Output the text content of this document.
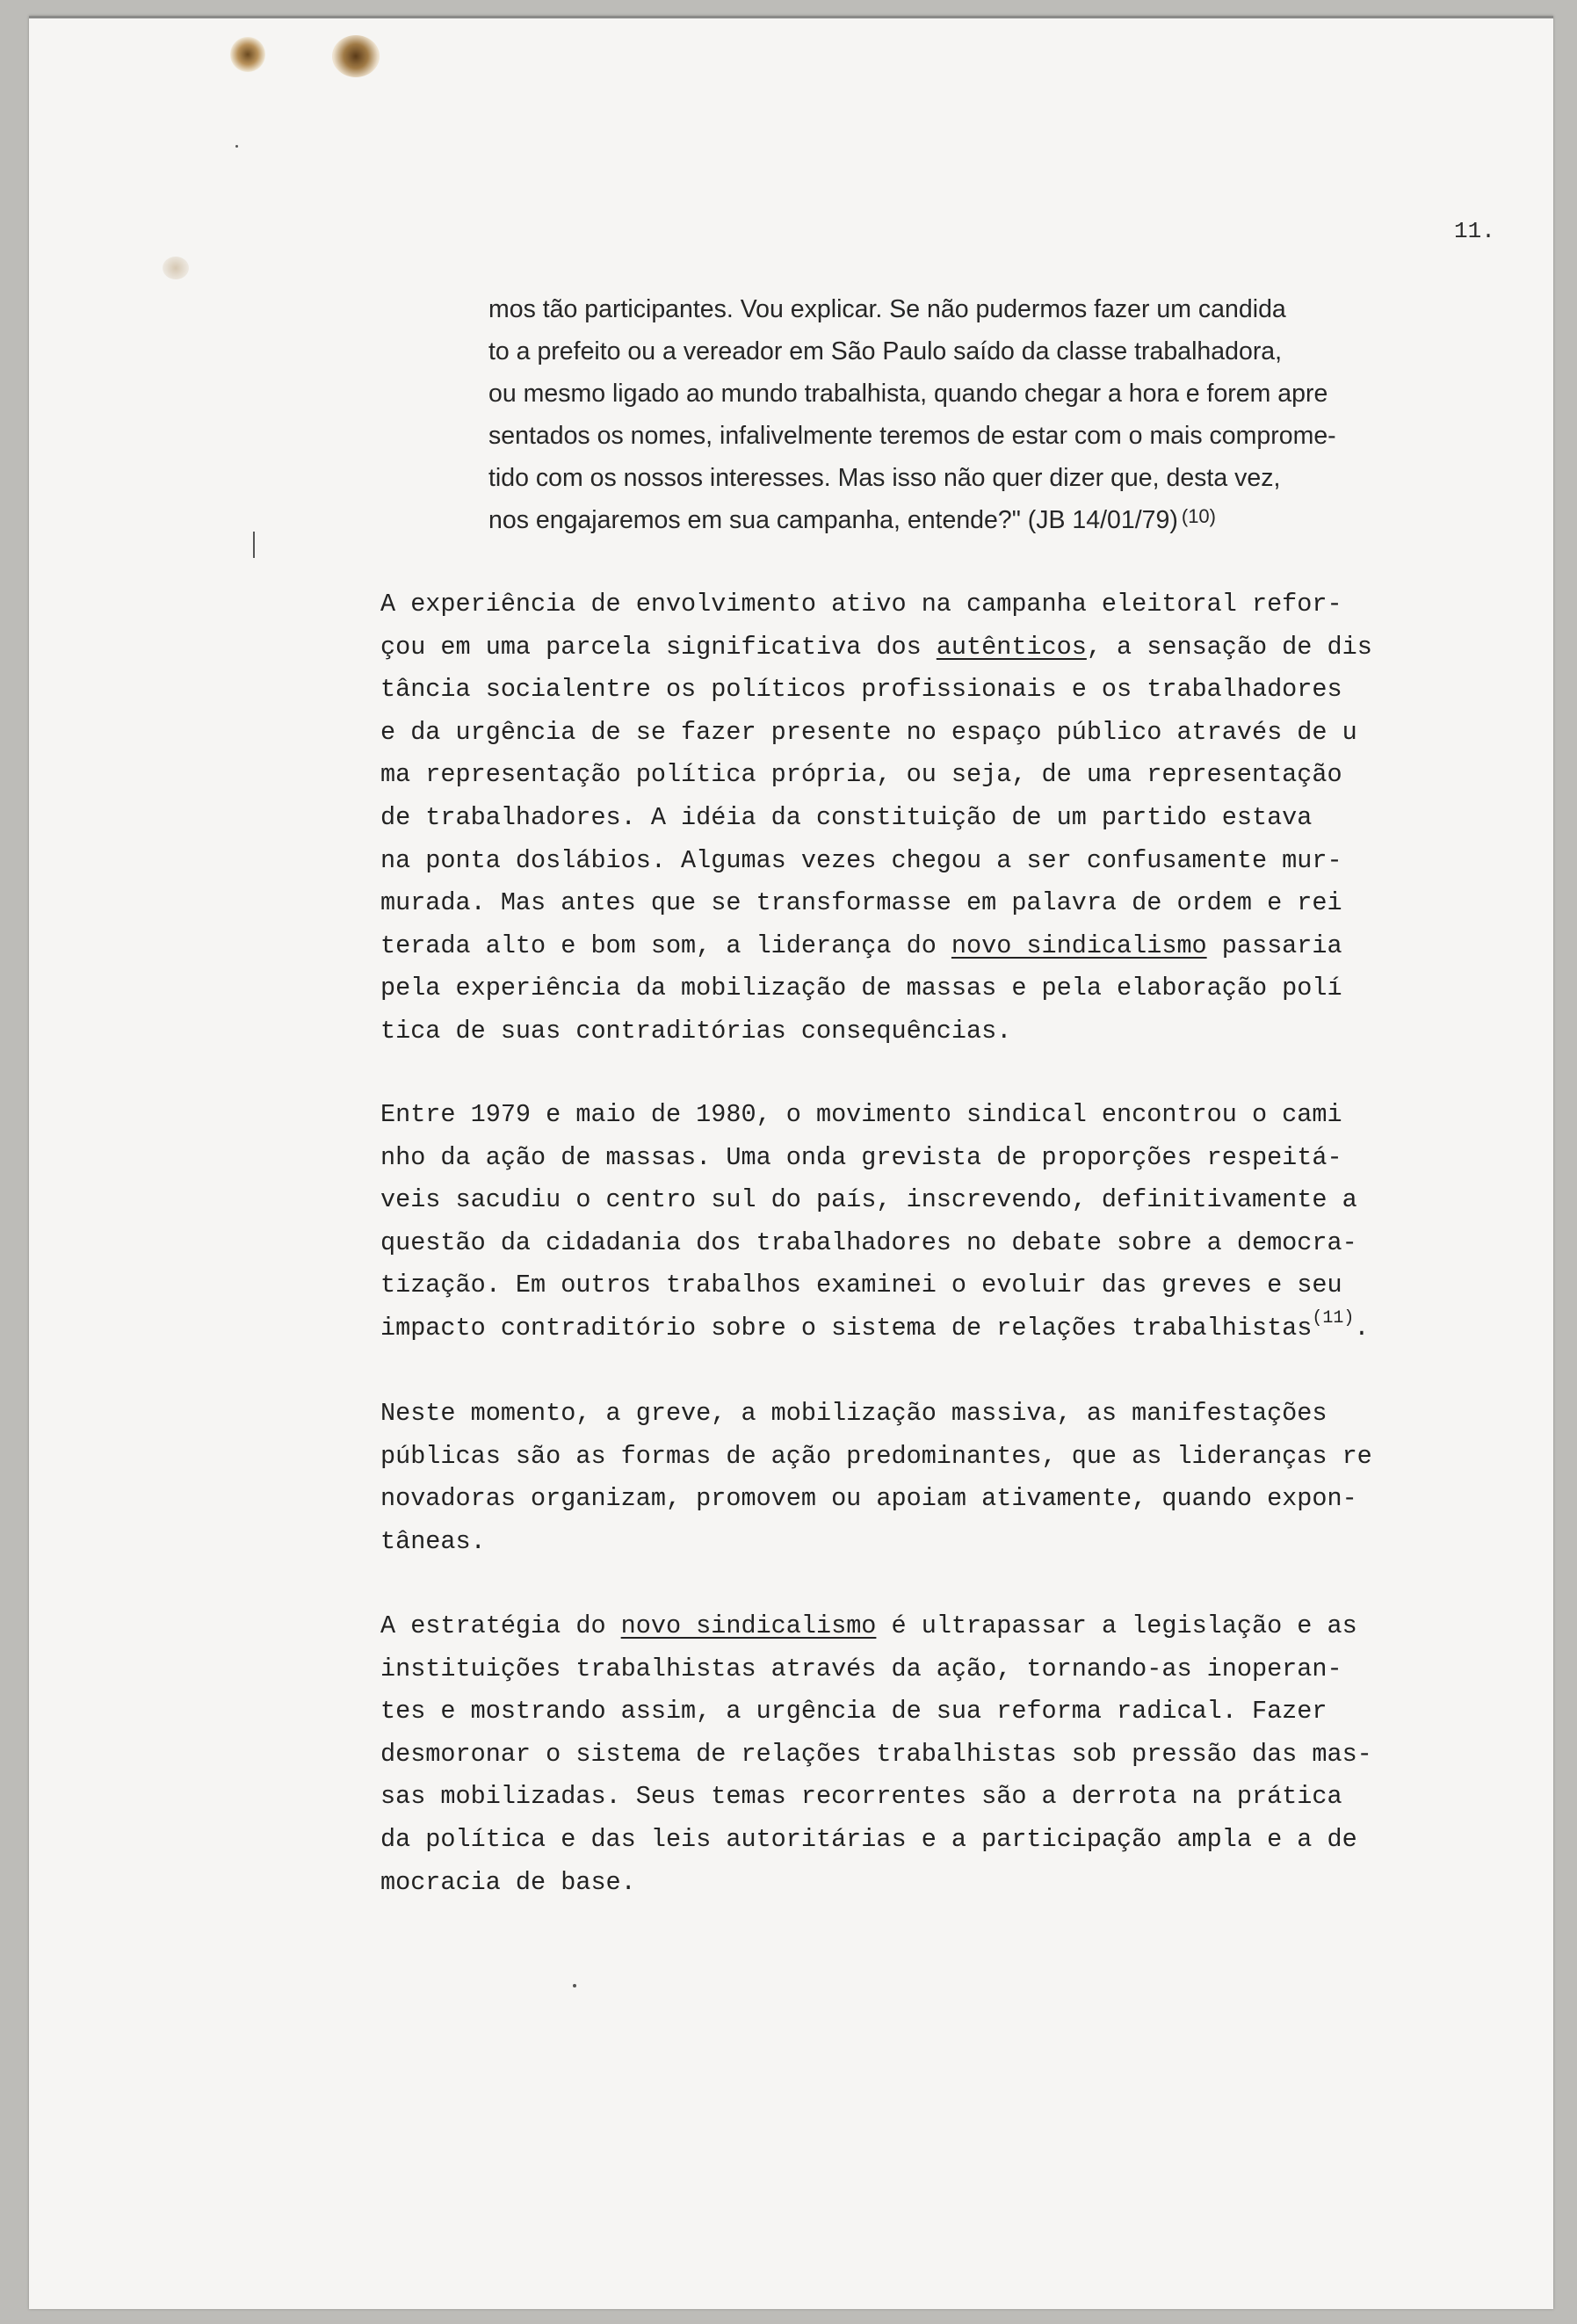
11.
mos tão participantes. Vou explicar. Se não pudermos fazer um candida
to a prefeito ou a vereador em São Paulo saído da classe trabalhadora,
ou mesmo ligado ao mundo trabalhista, quando chegar a hora e forem apre
sentados os nomes, infalivelmente teremos de estar com o mais comprome-
tido com os nossos interesses. Mas isso não quer dizer que, desta vez,
nos engajaremos em sua campanha, entende?" (JB 14/01/79) $^{(10)}$
A experiência de envolvimento ativo na campanha eleitoral refor-
çou em uma parcela significativa dos autênticos, a sensação de dis
tância socialentre os políticos profissionais e os trabalhadores
e da urgência de se fazer presente no espaço público através de u
ma representação política própria, ou seja, de uma representação
de trabalhadores. A idéia da constituição de um partido estava
na ponta doslábios. Algumas vezes chegou a ser confusamente mur-
murada. Mas antes que se transformasse em palavra de ordem e rei
terada alto e bom som, a liderança do novo sindicalismo passaria
pela experiência da mobilização de massas e pela elaboração polí
tica de suas contraditórias consequências.
Entre 1979 e maio de 1980, o movimento sindical encontrou o cami
nho da ação de massas. Uma onda grevista de proporções respeitá-
veis sacudiu o centro sul do país, inscrevendo, definitivamente a
questão da cidadania dos trabalhadores no debate sobre a democra-
tização. Em outros trabalhos examinei o evoluir das greves e seu
impacto contraditório sobre o sistema de relações trabalhistas$^{(11)}$.
Neste momento, a greve, a mobilização massiva, as manifestações
públicas são as formas de ação predominantes, que as lideranças re
novadoras organizam, promovem ou apoiam ativamente, quando expon-
tâneas.
A estratégia do novo sindicalismo é ultrapassar a legislação e as
instituições trabalhistas através da ação, tornando-as inoperan-
tes e mostrando assim, a urgência de sua reforma radical. Fazer
desmoronar o sistema de relações trabalhistas sob pressão das mas-
sas mobilizadas. Seus temas recorrentes são a derrota na prática
da política e das leis autoritárias e a participação ampla e a de
mocracia de base.
